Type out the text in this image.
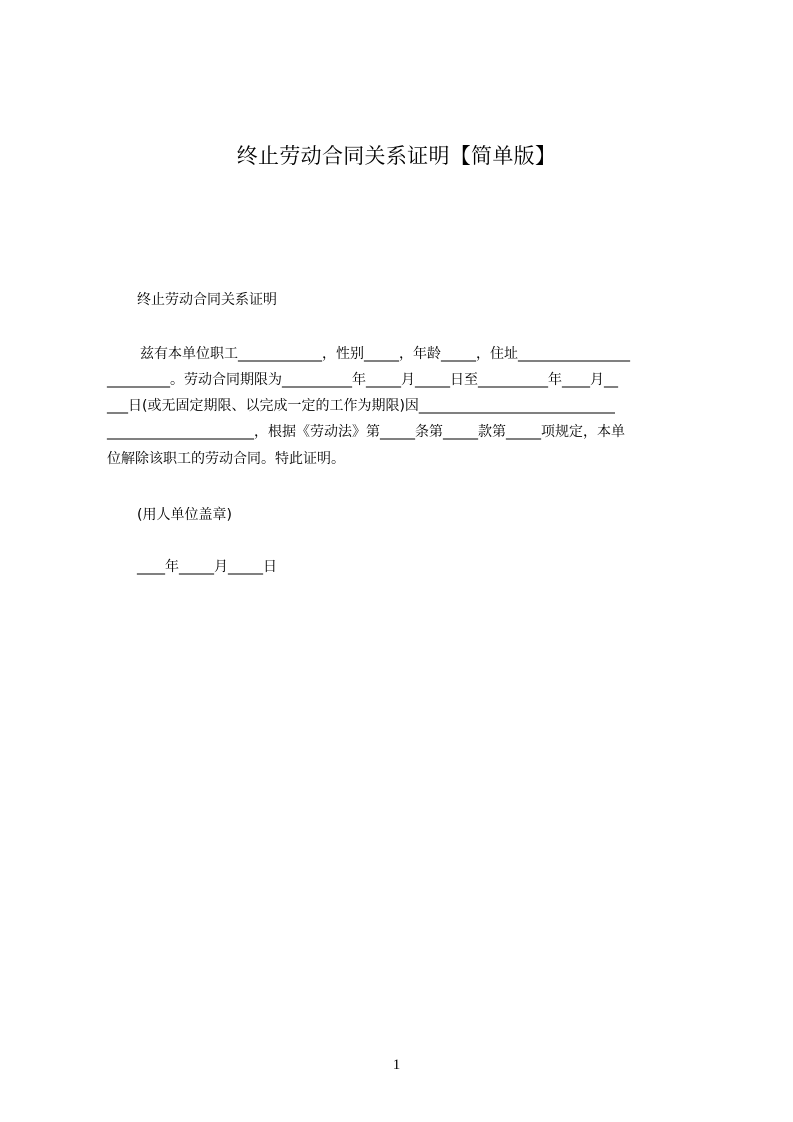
终止劳动合同关系证明【简单版】
终止劳动合同关系证明
兹有本单位职工____________，性别_____，年龄_____，住址________________
_________。劳动合同期限为__________年_____月_____日至__________年____月__
___日(或无固定期限、以完成一定的工作为期限)因____________________________
_____________________，根据《劳动法》第_____条第_____款第_____项规定，本单
位解除该职工的劳动合同。特此证明。
(用人单位盖章)
____年_____月_____日
1
